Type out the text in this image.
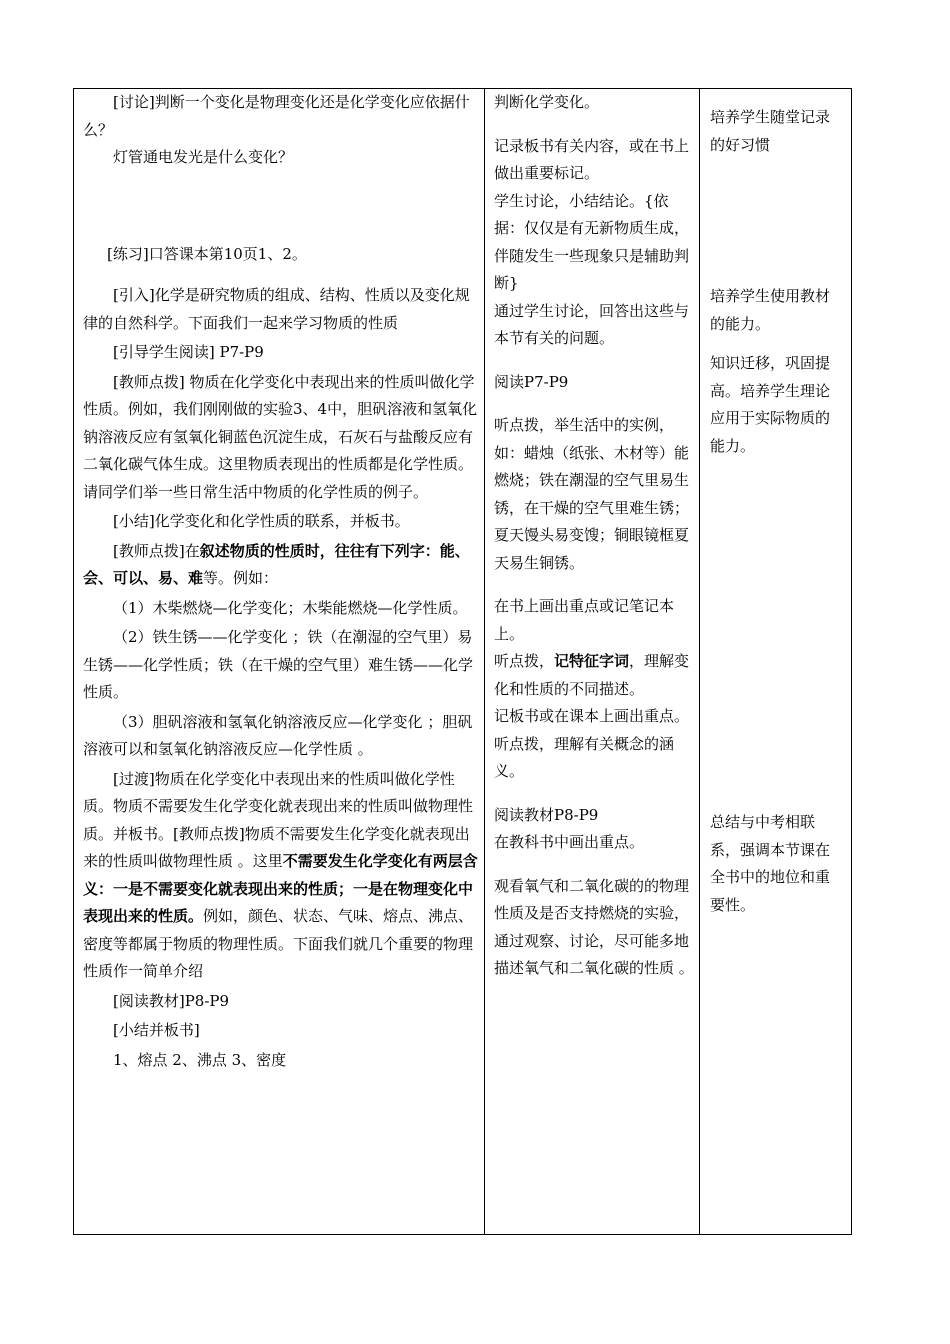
[讨论]判断一个变化是物理变化还是化学变化应依据什么？

灯管通电发光是什么变化？

[练习]口答课本第10页1、2。

[引入]化学是研究物质的组成、结构、性质以及变化规律的自然科学。下面我们一起来学习物质的性质

[引导学生阅读] P7-P9

[教师点拨] 物质在化学变化中表现出来的性质叫做化学性质。例如，我们刚刚做的实验3、4中，胆矾溶液和氢氧化钠溶液反应有氢氧化铜蓝色沉淀生成，石灰石与盐酸反应有二氧化碳气体生成。这里物质表现出的性质都是化学性质。

请同学们举一些日常生活中物质的化学性质的例子。

[小结]化学变化和化学性质的联系，并板书。

[教师点拨]在叙述物质的性质时，往往有下列字：能、会、可以、易、难等。例如：

（1）木柴燃烧—化学变化；木柴能燃烧—化学性质。

（2）铁生锈——化学变化 ；铁（在潮湿的空气里）易生锈——化学性质；铁（在干燥的空气里）难生锈——化学性质。

（3）胆矾溶液和氢氧化钠溶液反应—化学变化 ；胆矾溶液可以和氢氧化钠溶液反应—化学性质 。

[过渡]物质在化学变化中表现出来的性质叫做化学性质。物质不需要发生化学变化就表现出来的性质叫做物理性质。并板书。[教师点拨]物质不需要发生化学变化就表现出来的性质叫做物理性质 。这里不需要发生化学变化有两层含义：一是不需要变化就表现出来的性质；一是在物理变化中表现出来的性质。例如，颜色、状态、气味、熔点、沸点、密度等都属于物质的物理性质。下面我们就几个重要的物理性质作一简单介绍

[阅读教材]P8-P9

[小结并板书]

1、熔点 2、沸点 3、密度

判断化学变化。

记录板书有关内容，或在书上做出重要标记。

学生讨论，小结结论。{依据：仅仅是有无新物质生成，伴随发生一些现象只是辅助判断}

通过学生讨论，回答出这些与本节有关的问题。

阅读P7-P9

听点拨，举生活中的实例，如：蜡烛（纸张、木材等）能燃烧；铁在潮湿的空气里易生锈，在干燥的空气里难生锈；夏天馒头易变馊；铜眼镜框夏天易生铜锈。

在书上画出重点或记笔记本上。

听点拨，记特征字词，理解变化和性质的不同描述。

记板书或在课本上画出重点。

听点拨，理解有关概念的涵义。

阅读教材P8-P9

在教科书中画出重点。

观看氧气和二氧化碳的的物理性质及是否支持燃烧的实验，通过观察、讨论，尽可能多地描述氧气和二氧化碳的性质 。

培养学生随堂记录的好习惯

培养学生使用教材的能力。

知识迁移，巩固提高。培养学生理论应用于实际物质的能力。

总结与中考相联系，强调本节课在全书中的地位和重要性。
